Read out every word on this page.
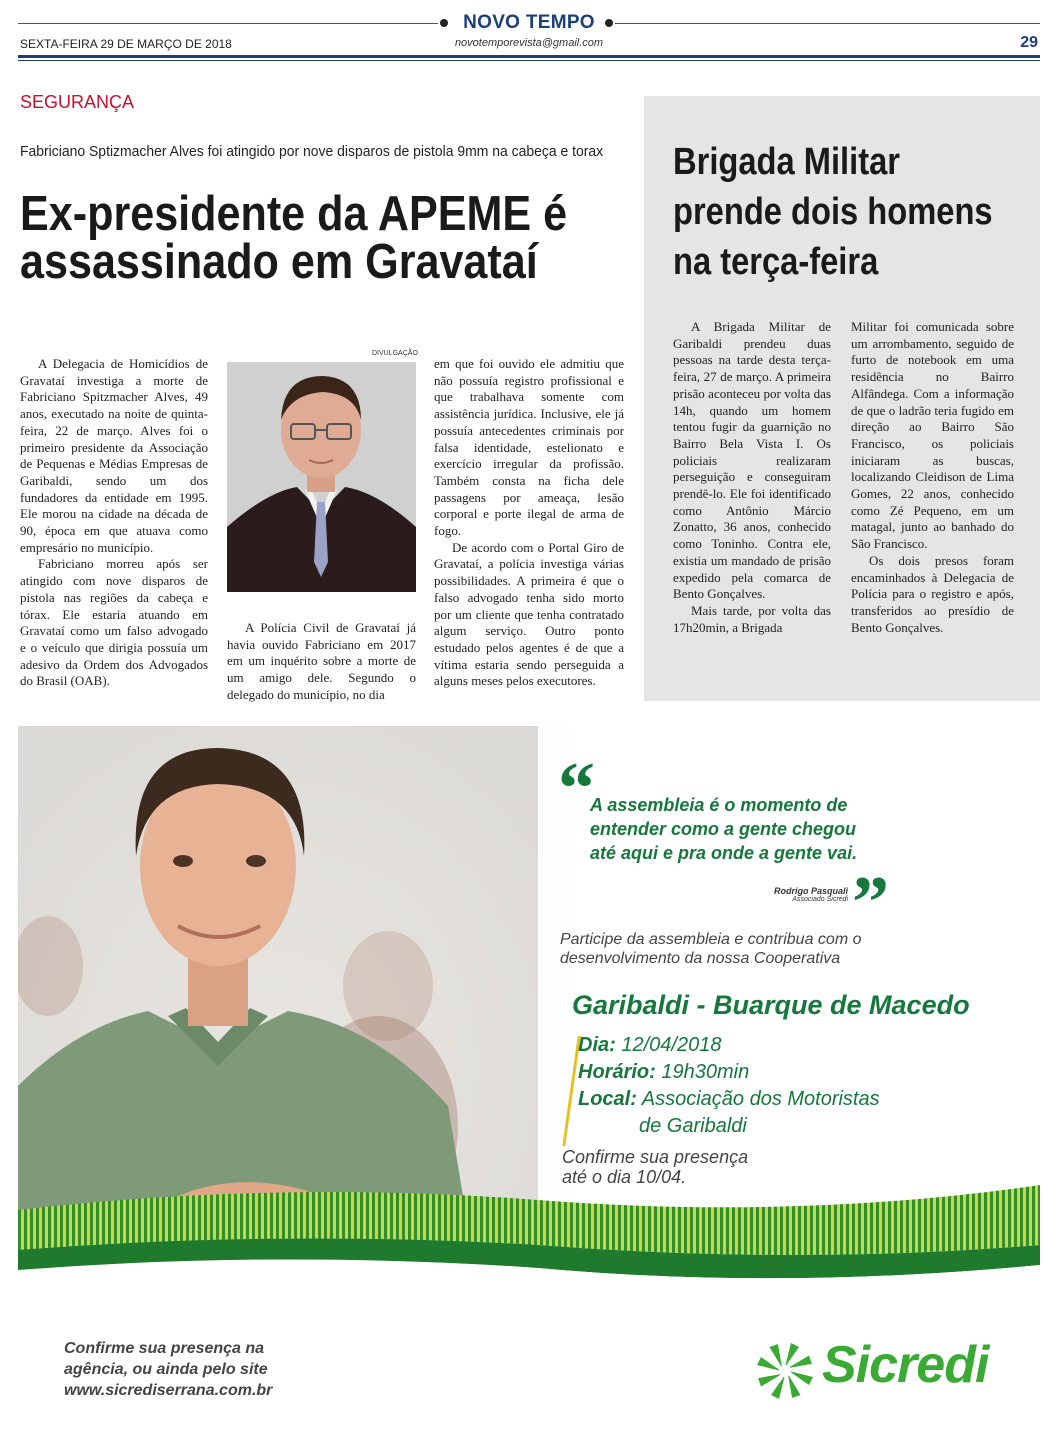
NOVO TEMPO
SEXTA-FEIRA 29 DE MARÇO DE 2018	novotemporevista@gmail.com	29
SEGURANÇA
Fabriciano Sptizmacher Alves foi atingido por nove disparos de pistola 9mm na cabeça e torax
Ex-presidente da APEME é
assassinado em Gravataí

A Delegacia de Homicídios de Gravataí investiga a morte de Fabriciano Spitzmacher Alves, 49 anos, executado na noite de quinta-feira, 22 de março. Alves foi o primeiro presidente da Associação de Pequenas e Médias Empresas de Garibaldi, sendo um dos fundadores da entidade em 1995. Ele morou na cidade na década de 90, época em que atuava como empresário no município.

Fabriciano morreu após ser atingido com nove disparos de pistola nas regiões da cabeça e tórax. Ele estaria atuando em Gravataí como um falso advogado e o veículo que dirigia possuía um adesivo da Ordem dos Advogados do Brasil (OAB).

DIVULGAÇÃO

A Polícia Civil de Gravataí já havia ouvido Fabriciano em 2017 em um inquérito sobre a morte de um amigo dele. Segundo o delegado do município, no dia

em que foi ouvido ele admitiu que não possuía registro profissional e que trabalhava somente com assistência jurídica. Inclusive, ele já possuía antecedentes criminais por falsa identidade, estelionato e exercício irregular da profissão. Também consta na ficha dele passagens por ameaça, lesão corporal e porte ilegal de arma de fogo.

De acordo com o Portal Giro de Gravataí, a polícia investiga várias possibilidades. A primeira é que o falso advogado tenha sido morto por um cliente que tenha contratado algum serviço. Outro ponto estudado pelos agentes é de que a vítima estaria sendo perseguida a alguns meses pelos executores.

Brigada Militar
prende dois homens
na terça-feira

A Brigada Militar de Garibaldi prendeu duas pessoas na tarde desta terça-feira, 27 de março. A primeira prisão aconteceu por volta das 14h, quando um homem tentou fugir da guarnição no Bairro Bela Vista I. Os policiais realizaram perseguição e conseguiram prendê-lo. Ele foi identificado como Antônio Márcio Zonatto, 36 anos, conhecido como Toninho. Contra ele, existia um mandado de prisão expedido pela comarca de Bento Gonçalves.

Mais tarde, por volta das 17h20min, a Brigada

Militar foi comunicada sobre um arrombamento, seguido de furto de notebook em uma residência no Bairro Alfândega. Com a informação de que o ladrão teria fugido em direção ao Bairro São Francisco, os policiais iniciaram as buscas, localizando Cleidison de Lima Gomes, 22 anos, conhecido como Zé Pequeno, em um matagal, junto ao banhado do São Francisco.

Os dois presos foram encaminhados à Delegacia de Polícia para o registro e após, transferidos ao presídio de Bento Gonçalves.

“
A assembleia é o momento de
entender como a gente chegou
até aqui e pra onde a gente vai.
Rodrigo Pasquali
Associado Sicredi ”
Participe da assembleia e contribua com o
desenvolvimento da nossa Cooperativa
Garibaldi - Buarque de Macedo
Dia: 12/04/2018
Horário: 19h30min
Local: Associação dos Motoristas
de Garibaldi
Confirme sua presença
até o dia 10/04.
Confirme sua presença na
agência, ou ainda pelo site
www.sicrediserrana.com.br	Sicredi
